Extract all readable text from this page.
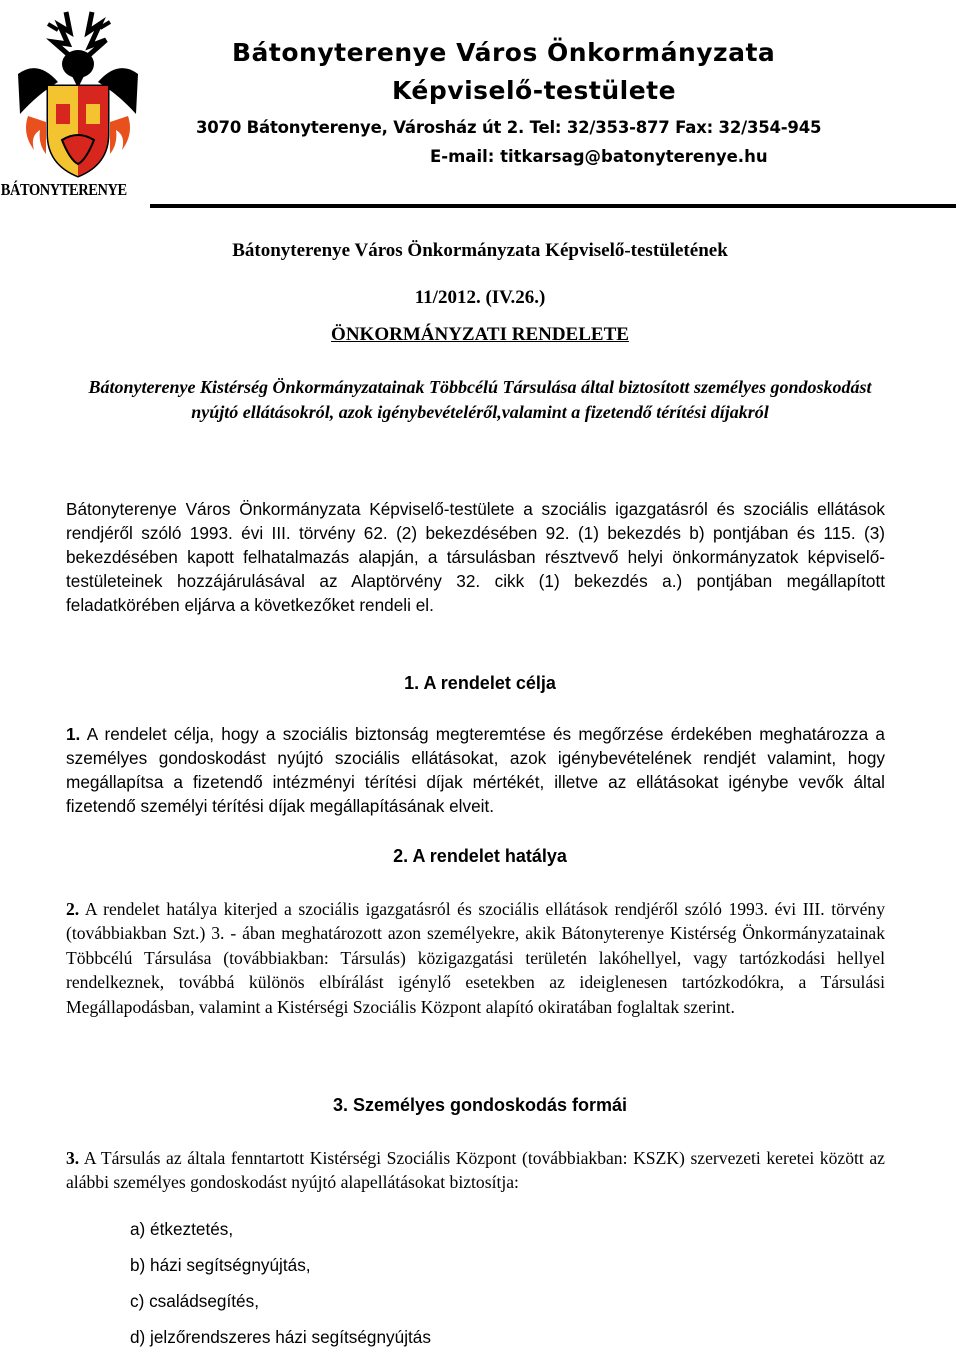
BÁTONYTERENYE
Bátonyterenye Város Önkormányzata
Képviselő-testülete
3070 Bátonyterenye, Városház út 2. Tel: 32/353-877 Fax: 32/354-945
E-mail: titkarsag@batonyterenye.hu
Bátonyterenye Város Önkormányzata Képviselő-testületének
11/2012. (IV.26.)
ÖNKORMÁNYZATI RENDELETE
Bátonyterenye Kistérség Önkormányzatainak Többcélú Társulása által biztosított személyes gondoskodást nyújtó ellátásokról, azok igénybevételéről,valamint a fizetendő térítési díjakról
Bátonyterenye Város Önkormányzata Képviselő-testülete a szociális igazgatásról és szociális ellátások rendjéről szóló 1993. évi III. törvény 62. (2) bekezdésében 92. (1) bekezdés b) pontjában és 115. (3) bekezdésében kapott felhatalmazás alapján, a társulásban résztvevő helyi önkormányzatok képviselő-testületeinek hozzájárulásával az Alaptörvény 32. cikk (1) bekezdés a.) pontjában megállapított feladatkörében eljárva a következőket rendeli el.
1. A rendelet célja
1. A rendelet célja, hogy a szociális biztonság megteremtése és megőrzése érdekében meghatározza a személyes gondoskodást nyújtó szociális ellátásokat, azok igénybevételének rendjét valamint, hogy megállapítsa a fizetendő intézményi térítési díjak mértékét, illetve az ellátásokat igénybe vevők által fizetendő személyi térítési díjak megállapításának elveit.
2. A rendelet hatálya
2. A rendelet hatálya kiterjed a szociális igazgatásról és szociális ellátások rendjéről szóló 1993. évi III. törvény (továbbiakban Szt.) 3. - ában meghatározott azon személyekre, akik Bátonyterenye Kistérség Önkormányzatainak Többcélú Társulása (továbbiakban: Társulás) közigazgatási területén lakóhellyel, vagy tartózkodási hellyel rendelkeznek, továbbá különös elbírálást igénylő esetekben az ideiglenesen tartózkodókra, a Társulási Megállapodásban, valamint a Kistérségi Szociális Központ alapító okiratában foglaltak szerint.
3. Személyes gondoskodás formái
3. A Társulás az általa fenntartott Kistérségi Szociális Központ (továbbiakban: KSZK) szervezeti keretei között az alábbi személyes gondoskodást nyújtó alapellátásokat biztosítja:
a) étkeztetés,
b) házi segítségnyújtás,
c) családsegítés,
d) jelzőrendszeres házi segítségnyújtás
